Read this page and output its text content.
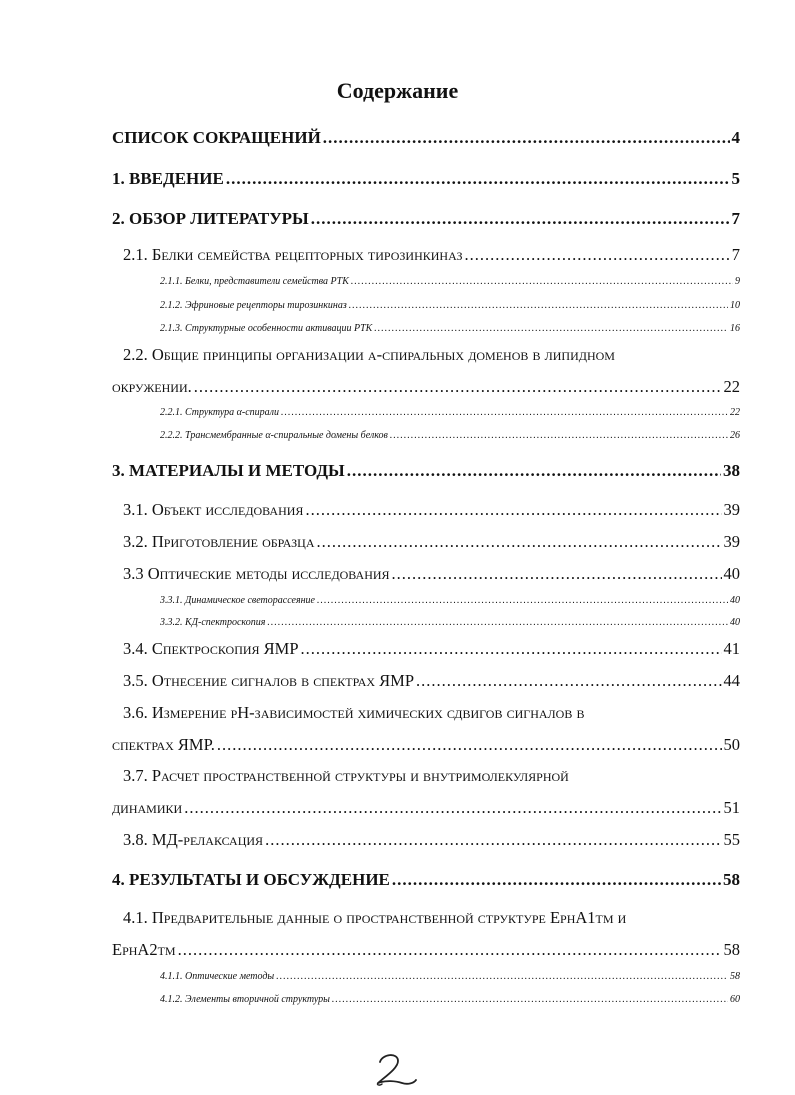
Содержание
СПИСОК СОКРАЩЕНИЙ .....	4
1. ВВЕДЕНИЕ .....	5
2. ОБЗОР ЛИТЕРАТУРЫ .....	7
2.1. Белки семейства рецепторных тирозинкиназ .....	7
2.1.1. Белки, представители семейства РТК .....	9
2.1.2. Эфриновые рецепторы тирозинкиназ .....	10
2.1.3. Структурные особенности активации РТК .....	16
2.2. Общие принципы организации а-спиральных доменов в липидном
окружении. .....	22
2.2.1. Структура α-спирали .....	22
2.2.2. Трансмембранные α-спиральные домены белков .....	26
3. МАТЕРИАЛЫ И МЕТОДЫ .....	38
3.1. Объект исследования .....	39
3.2. Приготовление образца .....	39
3.3 Оптические методы исследования .....	40
3.3.1. Динамическое светорассеяние .....	40
3.3.2. КД-спектроскопия .....	40
3.4. Спектроскопия ЯМР .....	41
3.5. Отнесение сигналов в спектрах ЯМР .....	44
3.6. Измерение pH-зависимостей химических сдвигов сигналов в
спектрах ЯМР. .....	50
3.7. Расчет пространственной структуры и внутримолекулярной
динамики .....	51
3.8. МД-релаксация .....	55
4. РЕЗУЛЬТАТЫ И ОБСУЖДЕНИЕ .....	58
4.1. Предварительные данные о пространственной структуре EphA1tm и
EphA2tm .....	58
4.1.1. Оптические методы .....	58
4.1.2. Элементы вторичной структуры .....	60
